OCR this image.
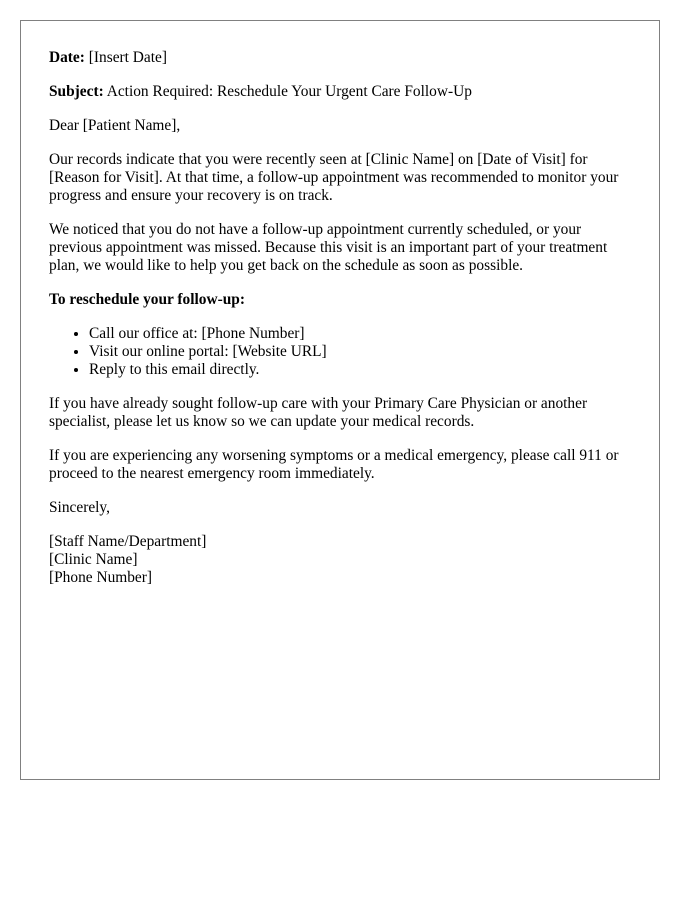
Date: [Insert Date]

Subject: Action Required: Reschedule Your Urgent Care Follow-Up

Dear [Patient Name],

Our records indicate that you were recently seen at [Clinic Name] on [Date of Visit] for [Reason for Visit]. At that time, a follow-up appointment was recommended to monitor your progress and ensure your recovery is on track.

We noticed that you do not have a follow-up appointment currently scheduled, or your previous appointment was missed. Because this visit is an important part of your treatment plan, we would like to help you get back on the schedule as soon as possible.

To reschedule your follow-up:

• Call our office at: [Phone Number]
• Visit our online portal: [Website URL]
• Reply to this email directly.

If you have already sought follow-up care with your Primary Care Physician or another specialist, please let us know so we can update your medical records.

If you are experiencing any worsening symptoms or a medical emergency, please call 911 or proceed to the nearest emergency room immediately.

Sincerely,

[Staff Name/Department]
[Clinic Name]
[Phone Number]
